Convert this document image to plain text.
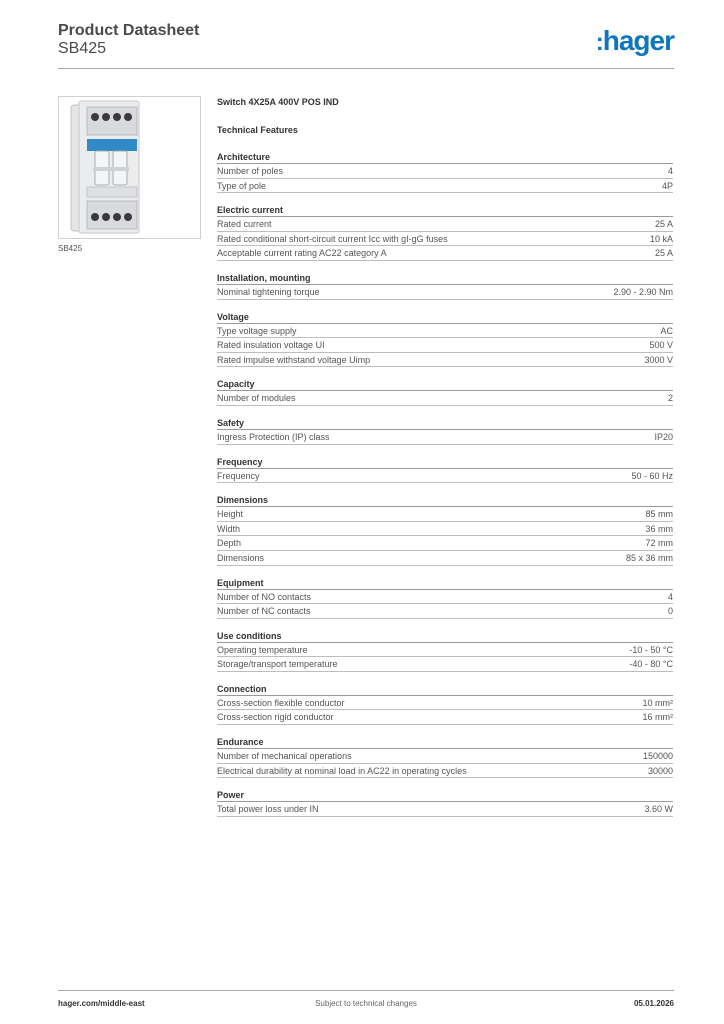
Product Datasheet
SB425	:hager
SB425
Switch 4X25A 400V POS IND
Technical Features
Architecture
Number of poles	4
Type of pole	4P
Electric current
Rated current	25 A
Rated conditional short-circuit current Icc with gI-gG fuses	10 kA
Acceptable current rating AC22 category A	25 A
Installation, mounting
Nominal tightening torque	2.90 - 2.90 Nm
Voltage
Type voltage supply	AC
Rated insulation voltage UI	500 V
Rated impulse withstand voltage Uimp	3000 V
Capacity
Number of modules	2
Safety
Ingress Protection (IP) class	IP20
Frequency
Frequency	50 - 60 Hz
Dimensions
Height	85 mm
Width	36 mm
Depth	72 mm
Dimensions	85 x 36 mm
Equipment
Number of NO contacts	4
Number of NC contacts	0
Use conditions
Operating temperature	-10 - 50 °C
Storage/transport temperature	-40 - 80 °C
Connection
Cross-section flexible conductor	10 mm²
Cross-section rigid conductor	16 mm²
Endurance
Number of mechanical operations	150000
Electrical durability at nominal load in AC22 in operating cycles	30000
Power
Total power loss under IN	3.60 W
hager.com/middle-east	Subject to technical changes	05.01.2026
